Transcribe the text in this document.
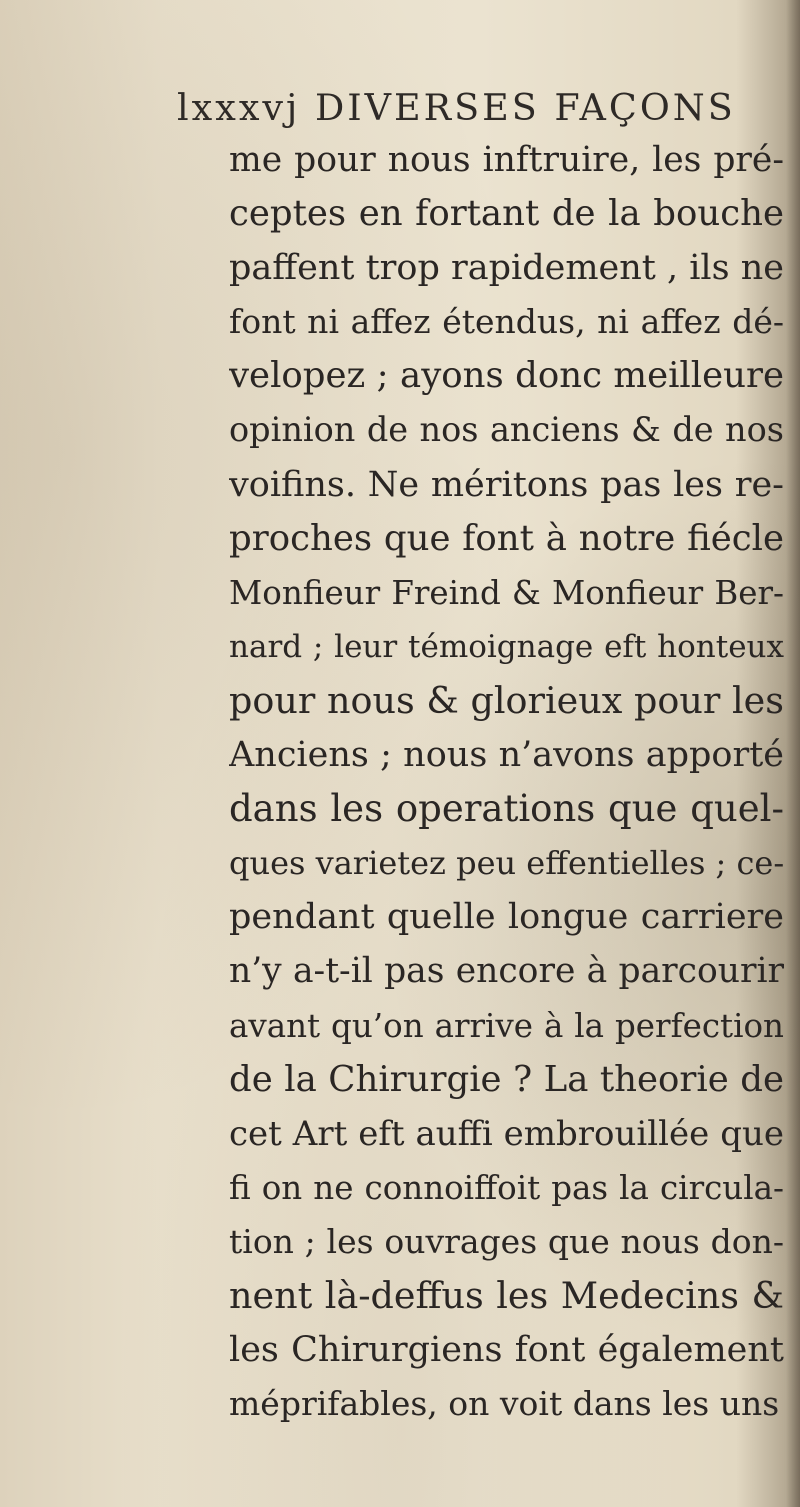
lxxxvj DIVERSES FAÇONS
me pour nous inftruire, les pré-
ceptes en fortant de la bouche
paffent trop rapidement , ils ne
font ni affez étendus, ni affez dé-
velopez ; ayons donc meilleure
opinion de nos anciens & de nos
voifins. Ne méritons pas les re-
proches que font à notre fiécle
Monfieur Freind & Monfieur Ber-
nard ; leur témoignage eft honteux
pour nous & glorieux pour les
Anciens ; nous n’avons apporté
dans les operations que quel-
ques varietez peu effentielles ; ce-
pendant quelle longue carriere
n’y a-t-il pas encore à parcourir
avant qu’on arrive à la perfection
de la Chirurgie ? La theorie de
cet Art eft auffi embrouillée que
fi on ne connoiffoit pas la circula-
tion ; les ouvrages que nous don-
nent là-deffus les Medecins &
les Chirurgiens font également
méprifables, on voit dans les uns
